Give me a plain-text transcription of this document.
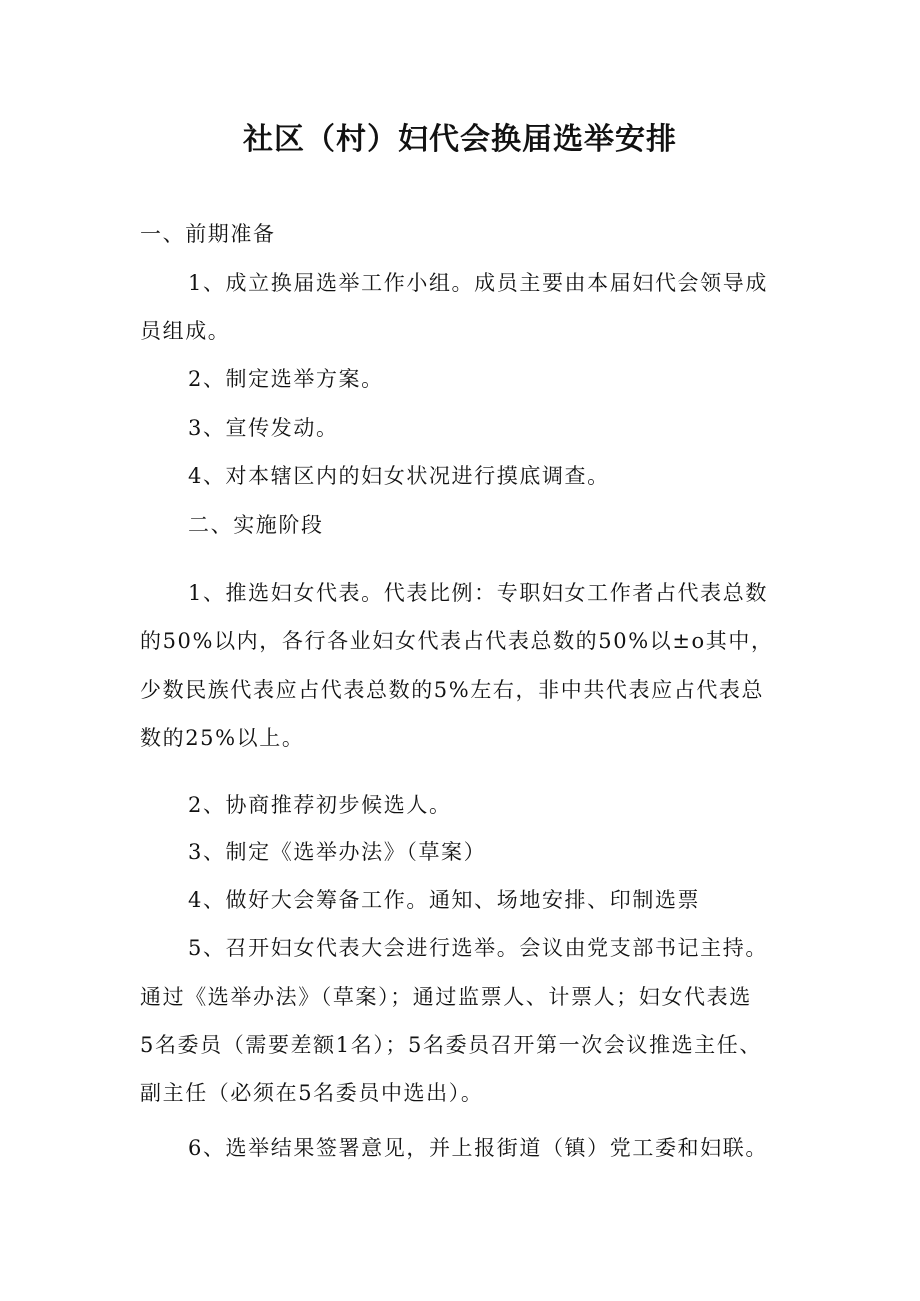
社区（村）妇代会换届选举安排

一、前期准备

1、成立换届选举工作小组。成员主要由本届妇代会领导成

员组成。

2、制定选举方案。

3、宣传发动。

4、对本辖区内的妇女状况进行摸底调查。

二、实施阶段

1、推选妇女代表。代表比例：专职妇女工作者占代表总数

的50%以内，各行各业妇女代表占代表总数的50%以±o其中，

少数民族代表应占代表总数的5%左右，非中共代表应占代表总

数的25%以上。

2、协商推荐初步候选人。

3、制定《选举办法》（草案）

4、做好大会筹备工作。通知、场地安排、印制选票

5、召开妇女代表大会进行选举。会议由党支部书记主持。

通过《选举办法》（草案）；通过监票人、计票人；妇女代表选

5名委员（需要差额1名）；5名委员召开第一次会议推选主任、

副主任（必须在5名委员中选出）。

6、选举结果签署意见，并上报街道（镇）党工委和妇联。
